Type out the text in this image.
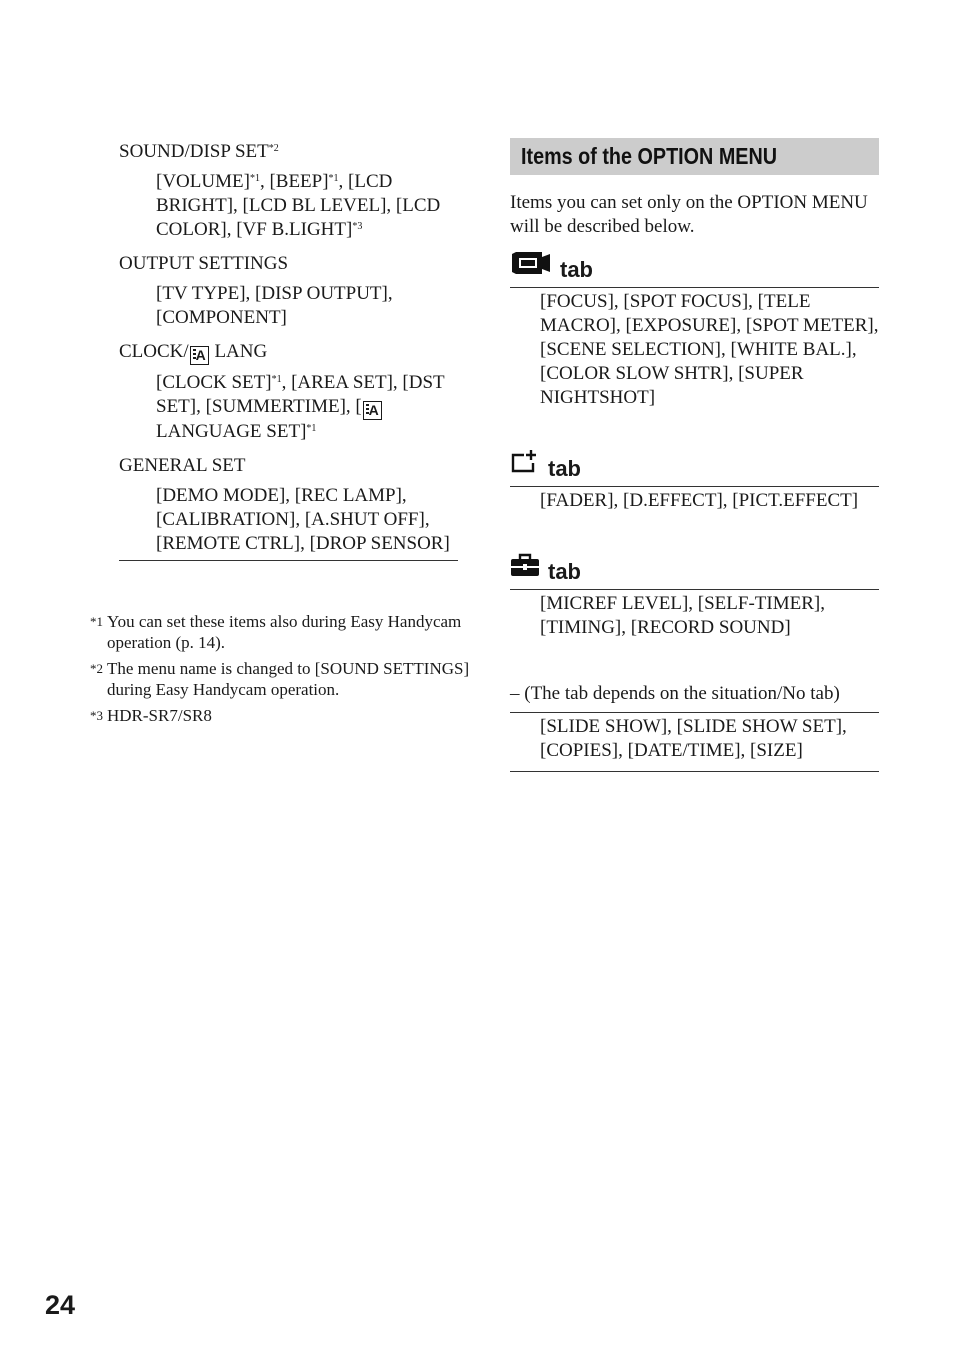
SOUND/DISP SET$^{*2}$
[VOLUME]$^{*1}$, [BEEP]$^{*1}$, [LCD BRIGHT], [LCD BL LEVEL], [LCD COLOR], [VF B.LIGHT]$^{*3}$
OUTPUT SETTINGS
[TV TYPE], [DISP OUTPUT], [COMPONENT]
CLOCK/ A LANG
[CLOCK SET]$^{*1}$, [AREA SET], [DST SET], [SUMMERTIME], [ A
LANGUAGE SET]$^{*1}$
GENERAL SET
[DEMO MODE], [REC LAMP], [CALIBRATION], [A.SHUT OFF], [REMOTE CTRL], [DROP SENSOR]
*1 You can set these items also during Easy Handycam operation (p. 14).
*2 The menu name is changed to [SOUND SETTINGS] during Easy Handycam operation.
*3 HDR-SR7/SR8
Items of the OPTION MENU
Items you can set only on the OPTION MENU will be described below.
tab
[FOCUS], [SPOT FOCUS], [TELE MACRO], [EXPOSURE], [SPOT METER], [SCENE SELECTION], [WHITE BAL.], [COLOR SLOW SHTR], [SUPER NIGHTSHOT]
tab
[FADER], [D.EFFECT], [PICT.EFFECT]
tab
[MICREF LEVEL], [SELF-TIMER], [TIMING], [RECORD SOUND]
– (The tab depends on the situation/No tab)
[SLIDE SHOW], [SLIDE SHOW SET], [COPIES], [DATE/TIME], [SIZE]
24
